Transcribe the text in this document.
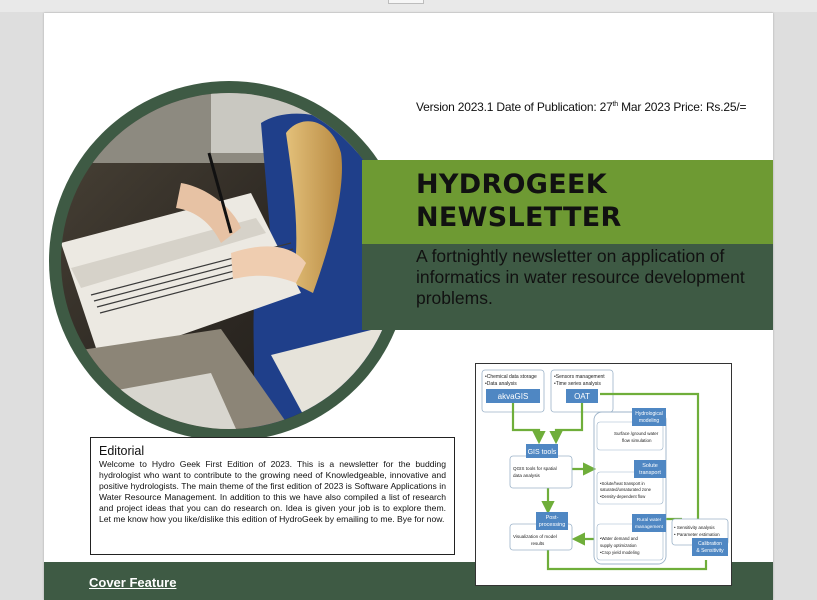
Version 2023.1 Date of Publication: 27th Mar 2023 Price: Rs.25/=
HYDROGEEK
NEWSLETTER

A fortnightly newsletter on application of informatics in water resource development problems.

Editorial

Welcome to Hydro Geek First Edition of 2023. This is a newsletter for the budding hydrologist who want to contribute to the growing need of Knowledgeable, innovative and positive hydrologists. The main theme of the first edition of 2023 is Software Applications in Water Resource Management. In addition to this we have also compiled a list of research and project ideas that you can do research on. Idea is given your job is to explore them. Let me know how you like/dislike this edition of HydroGeek by emailing to me. Bye for now.

Cover Feature
•Chemical data storage
•Data analysis
akvaGIS
•Sensors management
•Time series analysis
OAT
GIS tools
QGIS tools for spatial
data analysis
Hydrological
modeling
Surface /ground water
flow simulation
Solute
transport
•Solute/heat transport in
saturated/unsaturated zone
•Density-dependent flow
Rural water
management
•Water demand and
supply optimization
•Crop yield modeling
Post-
processing
Visualization of model
results
• Sensitivity analysis
• Parameter estimation
Calibration
& Sensitivity
